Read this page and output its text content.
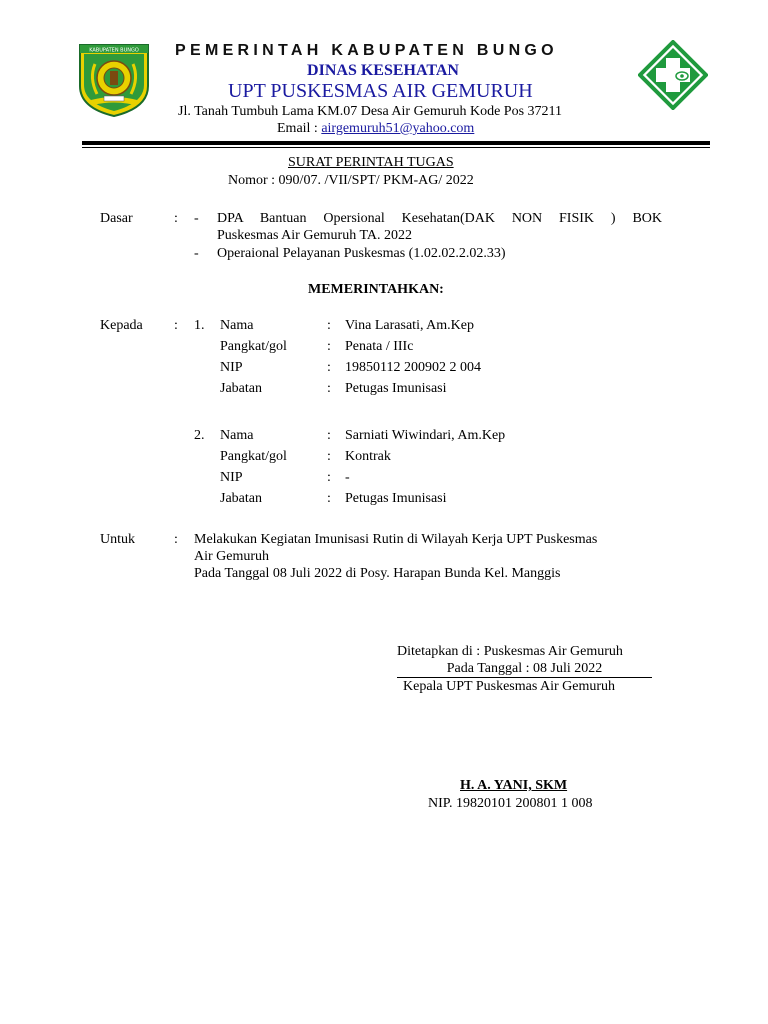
KABUPATEN BUNGO PEMERINTAH KABUPATEN BUNGO
DINAS KESEHATAN
UPT PUSKESMAS AIR GEMURUH
Jl. Tanah Tumbuh Lama KM.07 Desa Air Gemuruh Kode Pos 37211
Email : airgemuruh51@yahoo.com
SURAT PERINTAH TUGAS
Nomor : 090/07. /VII/SPT/ PKM-AG/ 2022
Dasar	: - DPA Bantuan Opersional Kesehatan(DAK NON FISIK ) BOK
Puskesmas Air Gemuruh TA. 2022
- Operaional Pelayanan Puskesmas (1.02.02.2.02.33)
MEMERINTAHKAN:
Kepada : 1. Nama	: Vina Larasati, Am.Kep
Pangkat/gol	: Penata / IIIc
NIP	: 19850112 200902 2 004
Jabatan	: Petugas Imunisasi
2. Nama	: Sarniati Wiwindari, Am.Kep
Pangkat/gol	: Kontrak
NIP	: -
Jabatan	: Petugas Imunisasi
Untuk	: Melakukan Kegiatan Imunisasi Rutin di Wilayah Kerja UPT Puskesmas
Air Gemuruh
Pada Tanggal 08 Juli 2022 di Posy. Harapan Bunda Kel. Manggis
Ditetapkan di : Puskesmas Air Gemuruh
Pada Tanggal : 08 Juli 2022
Kepala UPT Puskesmas Air Gemuruh
H. A. YANI, SKM
NIP. 19820101 200801 1 008
